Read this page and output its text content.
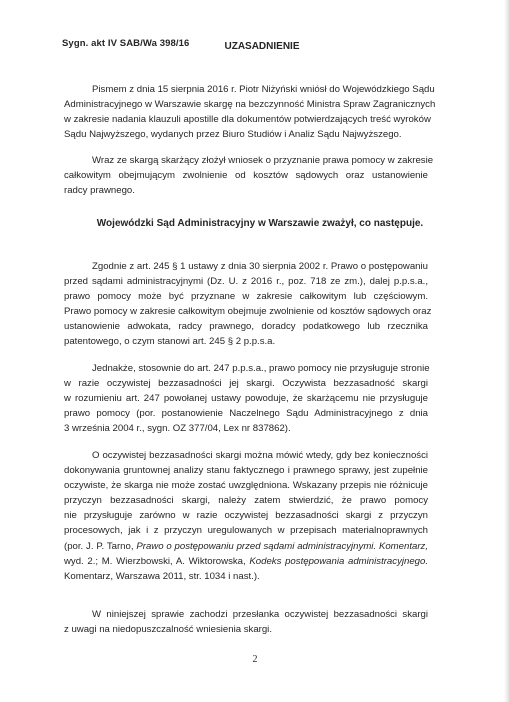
Sygn. akt IV SAB/Wa 398/16	UZASADNIENIE
Pismem z dnia 15 sierpnia 2016 r. Piotr Niżyński wniósł do Wojewódzkiego Sądu
Administracyjnego w Warszawie skargę na bezczynność Ministra Spraw Zagranicznych
w zakresie nadania klauzuli apostille dla dokumentów potwierdzających treść wyroków
Sądu Najwyższego, wydanych przez Biuro Studiów i Analiz Sądu Najwyższego.
Wraz ze skargą skarżący złożył wniosek o przyznanie prawa pomocy w zakresie
całkowitym obejmującym zwolnienie od kosztów sądowych oraz ustanowienie
radcy prawnego.
Wojewódzki Sąd Administracyjny w Warszawie zważył, co następuje.
Zgodnie z art. 245 § 1 ustawy z dnia 30 sierpnia 2002 r. Prawo o postępowaniu
przed sądami administracyjnymi (Dz. U. z 2016 r., poz. 718 ze zm.), dalej p.p.s.a.,
prawo pomocy może być przyznane w zakresie całkowitym lub częściowym.
Prawo pomocy w zakresie całkowitym obejmuje zwolnienie od kosztów sądowych oraz
ustanowienie adwokata, radcy prawnego, doradcy podatkowego lub rzecznika
patentowego, o czym stanowi art. 245 § 2 p.p.s.a.
Jednakże, stosownie do art. 247 p.p.s.a., prawo pomocy nie przysługuje stronie
w razie oczywistej bezzasadności jej skargi. Oczywista bezzasadność skargi
w rozumieniu art. 247 powołanej ustawy powoduje, że skarżącemu nie przysługuje
prawo pomocy (por. postanowienie Naczelnego Sądu Administracyjnego z dnia
3 września 2004 r., sygn. OZ 377/04, Lex nr 837862).
O oczywistej bezzasadności skargi można mówić wtedy, gdy bez konieczności
dokonywania gruntownej analizy stanu faktycznego i prawnego sprawy, jest zupełnie
oczywiste, że skarga nie może zostać uwzględniona. Wskazany przepis nie różnicuje
przyczyn bezzasadności skargi, należy zatem stwierdzić, że prawo pomocy
nie przysługuje zarówno w razie oczywistej bezzasadności skargi z przyczyn
procesowych, jak i z przyczyn uregulowanych w przepisach materialnoprawnych
(por. J. P. Tarno, Prawo o postępowaniu przed sądami administracyjnymi. Komentarz,
wyd. 2.; M. Wierzbowski, A. Wiktorowska, Kodeks postępowania administracyjnego.
Komentarz, Warszawa 2011, str. 1034 i nast.).
W niniejszej sprawie zachodzi przesłanka oczywistej bezzasadności skargi
z uwagi na niedopuszczalność wniesienia skargi.
2
